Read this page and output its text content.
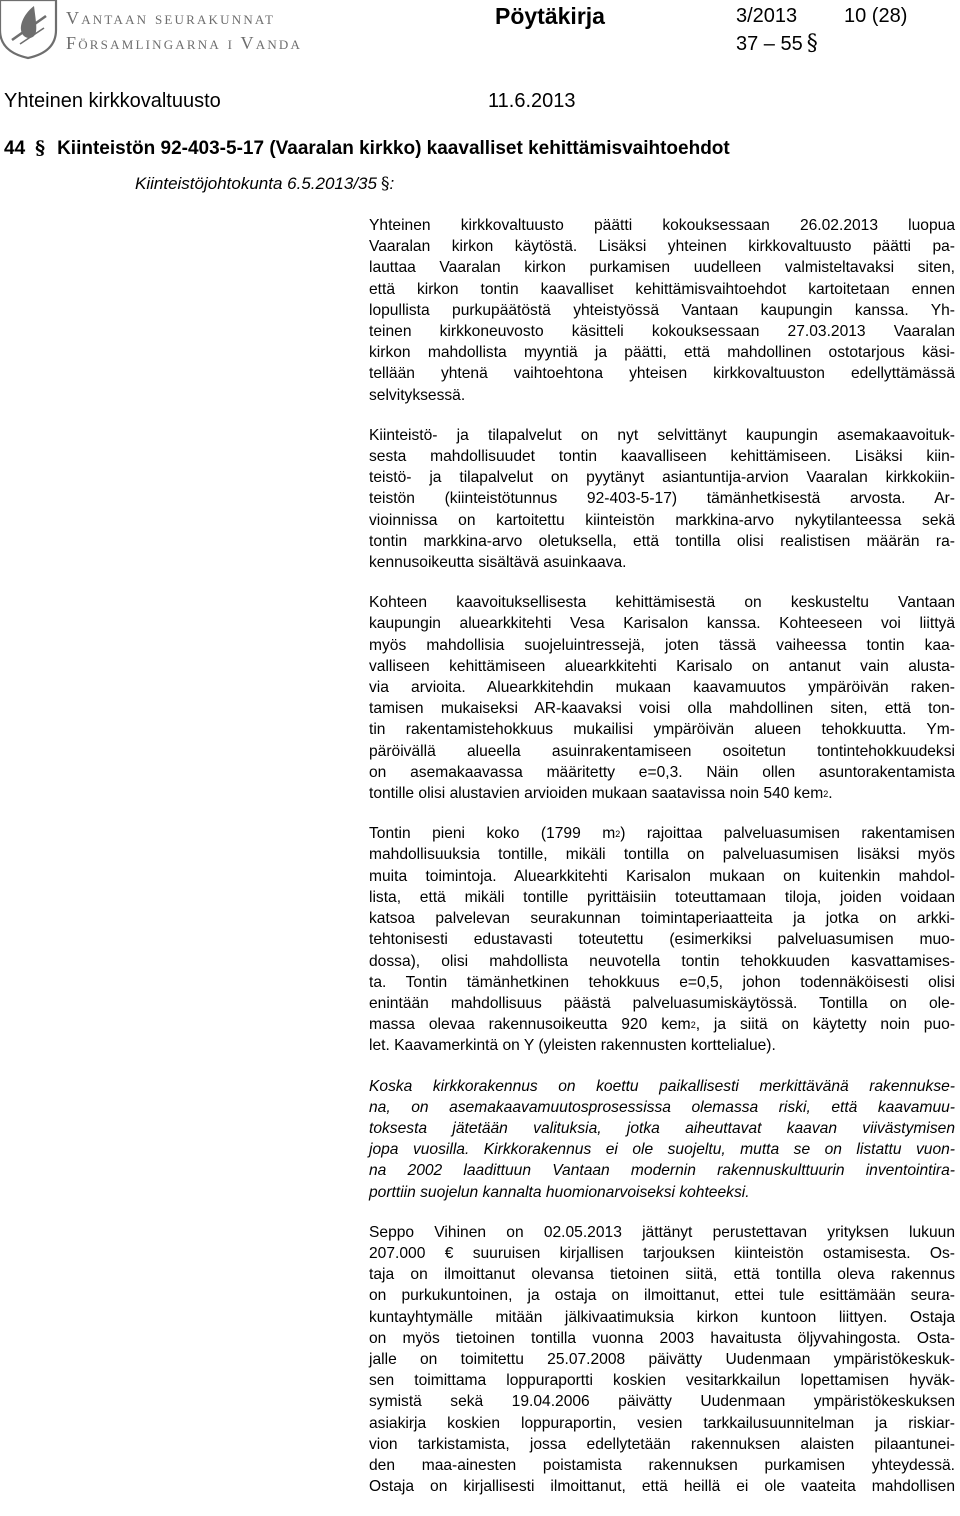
Vantaan seurakunnat
Församlingarna i Vanda
Pöytäkirja	3/2013 10 (28)
37 – 55 §
Yhteinen kirkkovaltuusto	11.6.2013
44 § Kiinteistön 92-403-5-17 (Vaaralan kirkko) kaavalliset kehittämisvaihtoehdot
Kiinteistöjohtokunta 6.5.2013/35 §:

Yhteinen kirkkovaltuusto päätti kokouksessaan 26.02.2013 luopua
Vaaralan kirkon käytöstä. Lisäksi yhteinen kirkkovaltuusto päätti pa-
lauttaa Vaaralan kirkon purkamisen uudelleen valmisteltavaksi siten,
että kirkon tontin kaavalliset kehittämisvaihtoehdot kartoitetaan ennen
lopullista purkupäätöstä yhteistyössä Vantaan kaupungin kanssa. Yh-
teinen kirkkoneuvosto käsitteli kokouksessaan 27.03.2013 Vaaralan
kirkon mahdollista myyntiä ja päätti, että mahdollinen ostotarjous käsi-
tellään yhtenä vaihtoehtona yhteisen kirkkovaltuuston edellyttämässä
selvityksessä.

Kiinteistö- ja tilapalvelut on nyt selvittänyt kaupungin asemakaavoituk-
sesta mahdollisuudet tontin kaavalliseen kehittämiseen. Lisäksi kiin-
teistö- ja tilapalvelut on pyytänyt asiantuntija-arvion Vaaralan kirkkokiin-
teistön (kiinteistötunnus 92-403-5-17) tämänhetkisestä arvosta. Ar-
vioinnissa on kartoitettu kiinteistön markkina-arvo nykytilanteessa sekä
tontin markkina-arvo oletuksella, että tontilla olisi realistisen määrän ra-
kennusoikeutta sisältävä asuinkaava.

Kohteen kaavoituksellisesta kehittämisestä on keskusteltu Vantaan
kaupungin aluearkkitehti Vesa Karisalon kanssa. Kohteeseen voi liittyä
myös mahdollisia suojeluintressejä, joten tässä vaiheessa tontin kaa-
valliseen kehittämiseen aluearkkitehti Karisalo on antanut vain alusta-
via arvioita. Aluearkkitehdin mukaan kaavamuutos ympäröivän raken-
tamisen mukaiseksi AR-kaavaksi voisi olla mahdollinen siten, että ton-
tin rakentamistehokkuus mukailisi ympäröivän alueen tehokkuutta. Ym-
päröivällä alueella asuinrakentamiseen osoitetun tontintehokkuudeksi
on asemakaavassa määritetty e=0,3. Näin ollen asuntorakentamista
tontille olisi alustavien arvioiden mukaan saatavissa noin 540 kem$^2$.

Tontin pieni koko (1799 $m^2$) rajoittaa palveluasumisen rakentamisen
mahdollisuuksia tontille, mikäli tontilla on palveluasumisen lisäksi myös
muita toimintoja. Aluearkkitehti Karisalon mukaan on kuitenkin mahdol-
lista, että mikäli tontille pyrittäisiin toteuttamaan tiloja, joiden voidaan
katsoa palvelevan seurakunnan toimintaperiaatteita ja jotka on arkki-
tehtonisesti edustavasti toteutettu (esimerkiksi palveluasumisen muo-
dossa), olisi mahdollista neuvotella tontin tehokkuuden kasvattamises-
ta. Tontin tämänhetkinen tehokkuus e=0,5, johon todennäköisesti olisi
enintään mahdollisuus päästä palveluasumiskäytössä. Tontilla on ole-
massa olevaa rakennusoikeutta 920 kem$^2$, ja siitä on käytetty noin puo-
let. Kaavamerkintä on Y (yleisten rakennusten korttelialue).

Koska kirkkorakennus on koettu paikallisesti merkittävänä rakennukse-
na, on asemakaavamuutosprosessissa olemassa riski, että kaavamuu-
toksesta jätetään valituksia, jotka aiheuttavat kaavan viivästymisen
jopa vuosilla. Kirkkorakennus ei ole suojeltu, mutta se on listattu vuon-
na 2002 laadittuun Vantaan modernin rakennuskulttuurin inventointira-
porttiin suojelun kannalta huomionarvoiseksi kohteeksi.

Seppo Vihinen on 02.05.2013 jättänyt perustettavan yrityksen lukuun
207.000 € suuruisen kirjallisen tarjouksen kiinteistön ostamisesta. Os-
taja on ilmoittanut olevansa tietoinen siitä, että tontilla oleva rakennus
on purkukuntoinen, ja ostaja on ilmoittanut, ettei tule esittämään seura-
kuntayhtymälle mitään jälkivaatimuksia kirkon kuntoon liittyen. Ostaja
on myös tietoinen tontilla vuonna 2003 havaitusta öljyvahingosta. Osta-
jalle on toimitettu 25.07.2008 päivätty Uudenmaan ympäristökeskuk-
sen toimittama loppuraportti koskien vesitarkkailun lopettamisen hyväk-
symistä sekä 19.04.2006 päivätty Uudenmaan ympäristökeskuksen
asiakirja koskien loppuraportin, vesien tarkkailusuunnitelman ja riskiar-
vion tarkistamista, jossa edellytetään rakennuksen alaisten pilaantunei-
den maa-ainesten poistamista rakennuksen purkamisen yhteydessä.
Ostaja on kirjallisesti ilmoittanut, että heillä ei ole vaateita mahdollisen
